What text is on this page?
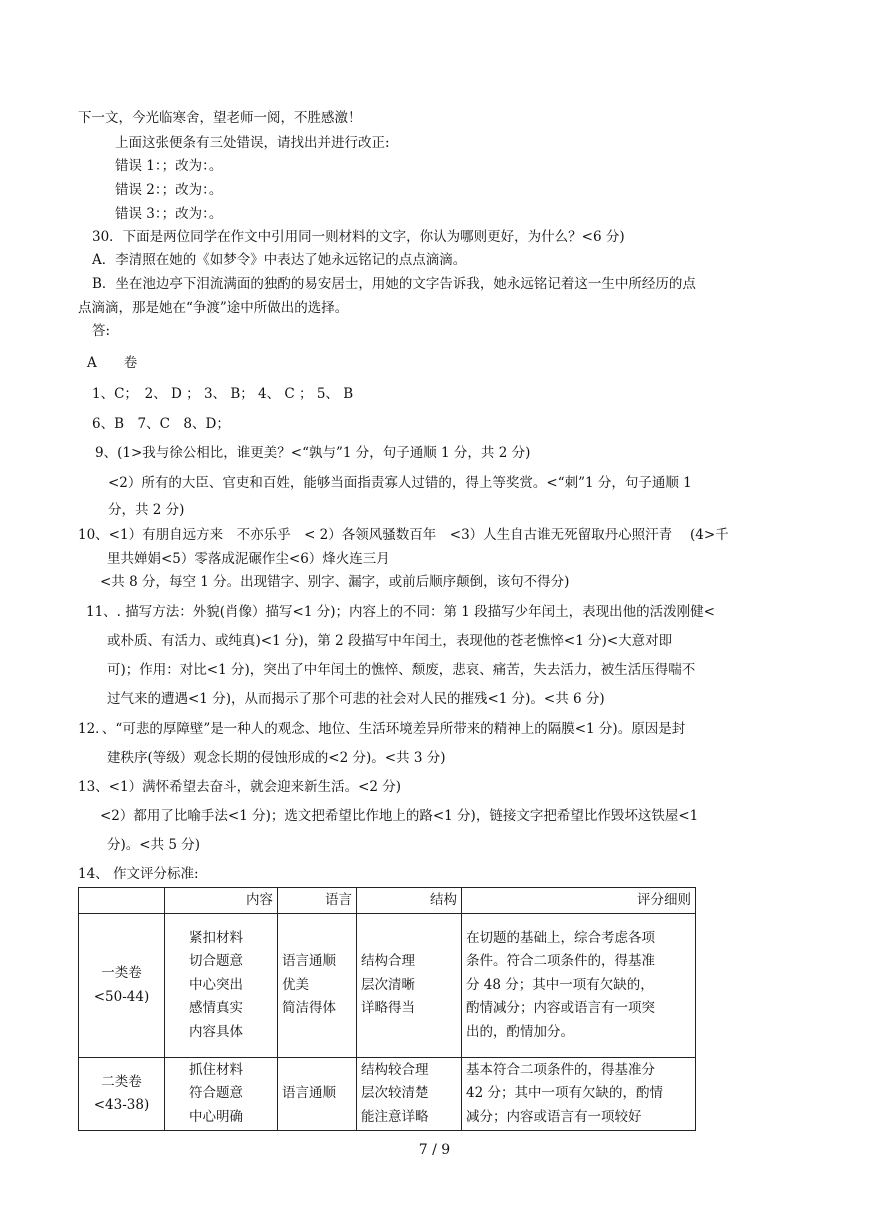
下一文，今光临寒舍，望老师一阅，不胜感激！
上面这张便条有三处错误，请找出并进行改正:
错误 1：；改为：。
错误 2：；改为：。
错误 3：；改为：。
30．下面是两位同学在作文中引用同一则材料的文字，你认为哪则更好，为什么？<6 分)
A．李清照在她的《如梦令》中表达了她永远铭记的点点滴滴。
B．坐在池边亭下泪流满面的独酌的易安居士，用她的文字告诉我，她永远铭记着这一生中所经历的点
点滴滴，那是她在“争渡”途中所做出的选择。
答:
A　　卷
1、C；　2、 D ； 3、 B； 4、 C ； 5、 B
6、B　7、C　8、D；
9、(1>我与徐公相比，谁更美？<“孰与”1 分，句子通顺 1 分，共 2 分)
<2）所有的大臣、官吏和百姓，能够当面指责寡人过错的，得上等奖赏。<“刺”1 分，句子通顺 1
分，共 2 分)
10、<1）有朋自远方来　不亦乐乎　< 2）各领风骚数百年　<3）人生自古谁无死留取丹心照汗青　 (4>千
里共婵娟<5）零落成泥碾作尘<6）烽火连三月
<共 8 分，每空 1 分。出现错字、别字、漏字，或前后顺序颠倒，该句不得分)
11、. 描写方法：外貌(肖像）描写<1 分)；内容上的不同：第 1 段描写少年闰土，表现出他的活泼刚健<
或朴质、有活力、或纯真)<1 分)，第 2 段描写中年闰土，表现他的苍老憔悴<1 分)<大意对即
可)；作用：对比<1 分)，突出了中年闰土的憔悴、颓废，悲哀、痛苦，失去活力，被生活压得喘不
过气来的遭遇<1 分)，从而揭示了那个可悲的社会对人民的摧残<1 分)。<共 6 分)
12．、“可悲的厚障壁”是一种人的观念、地位、生活环境差异所带来的精神上的隔膜<1 分)。原因是封
建秩序(等级）观念长期的侵蚀形成的<2 分)。<共 3 分)
13、<1）满怀希望去奋斗，就会迎来新生活。<2 分)
<2）都用了比喻手法<1 分)；选文把希望比作地上的路<1 分)，链接文字把希望比作毁坏这铁屋<1
分)。<共 5 分)
14、 作文评分标准:
	内容	语言	结构	评分细则
一类卷
<50-44)	紧扣材料
切合题意
中心突出
感情真实
内容具体	语言通顺
优美
简洁得体	结构合理
层次清晰
详略得当	在切题的基础上，综合考虑各项
条件。符合二项条件的，得基准
分 48 分；其中一项有欠缺的，
酌情减分；内容或语言有一项突
出的，酌情加分。
二类卷
<43-38)	抓住材料
符合题意
中心明确	语言通顺	结构较合理
层次较清楚
能注意详略	基本符合二项条件的，得基准分
42 分；其中一项有欠缺的，酌情
减分；内容或语言有一项较好
7 / 9
